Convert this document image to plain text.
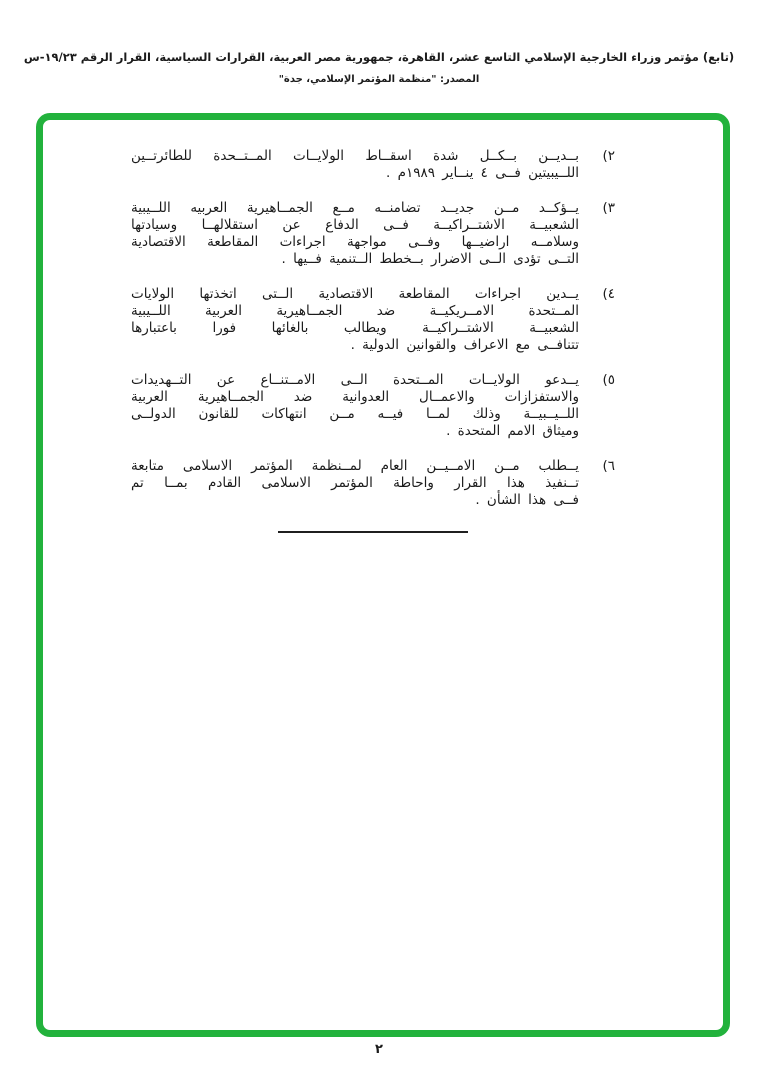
(تابع) مؤتمر وزراء الخارجية الإسلامي التاسع عشر، القاهرة، جمهورية مصر العربية، القرارات السياسية، القرار الرقم ١٩/٢٣-س
المصدر: "منظمة المؤتمر الإسلامي، جدة"
٢)
بــديــن بــكــل شدة اسقــاط الولايــات المــتــحدة للطائرتــين
اللــيبيتين فــى ٤ ينــاير ١٩٨٩م .
٣)
يــؤكــد مــن جديــد تضامنــه مــع الجمــاهيرية العربيه اللــيبية
الشعبيــة الاشتــراكيــة فــى الدفاع عن استقلالهــا وسيادتها
وسلامــه اراضيــها وفــى مواجهة اجراءات المقاطعة الاقتصادية
التــى تؤدى الــى الاضرار بــخطط الــتنمية فــيها .
٤)
يــدين اجراءات المقاطعة الاقتصادية الــتى اتخذتها الولايات
المــتحدة الامــريكيــة ضد الجمــاهيرية العربية اللــيبية
الشعبيــة الاشتــراكيــة ويطالب بالغائها فورا باعتبارها
تتنافــى مع الاعراف والقوانين الدولية .
٥)
يــدعو الولايــات المــتحدة الــى الامــتنــاع عن التــهديدات
والاستفزازات والاعمــال العدوانية ضد الجمــاهيرية العربية
اللــيــبيــة وذلك لمــا فيــه مــن انتهاكات للقانون الدولــى
وميثاق الامم المتحدة .
٦)
يــطلب مــن الامــيــن العام لمــنظمة المؤتمر الاسلامى متابعة
تــنفيذ هذا القرار واحاطة المؤتمر الاسلامى القادم بمــا تم
فــى هذا الشأن .
٢
